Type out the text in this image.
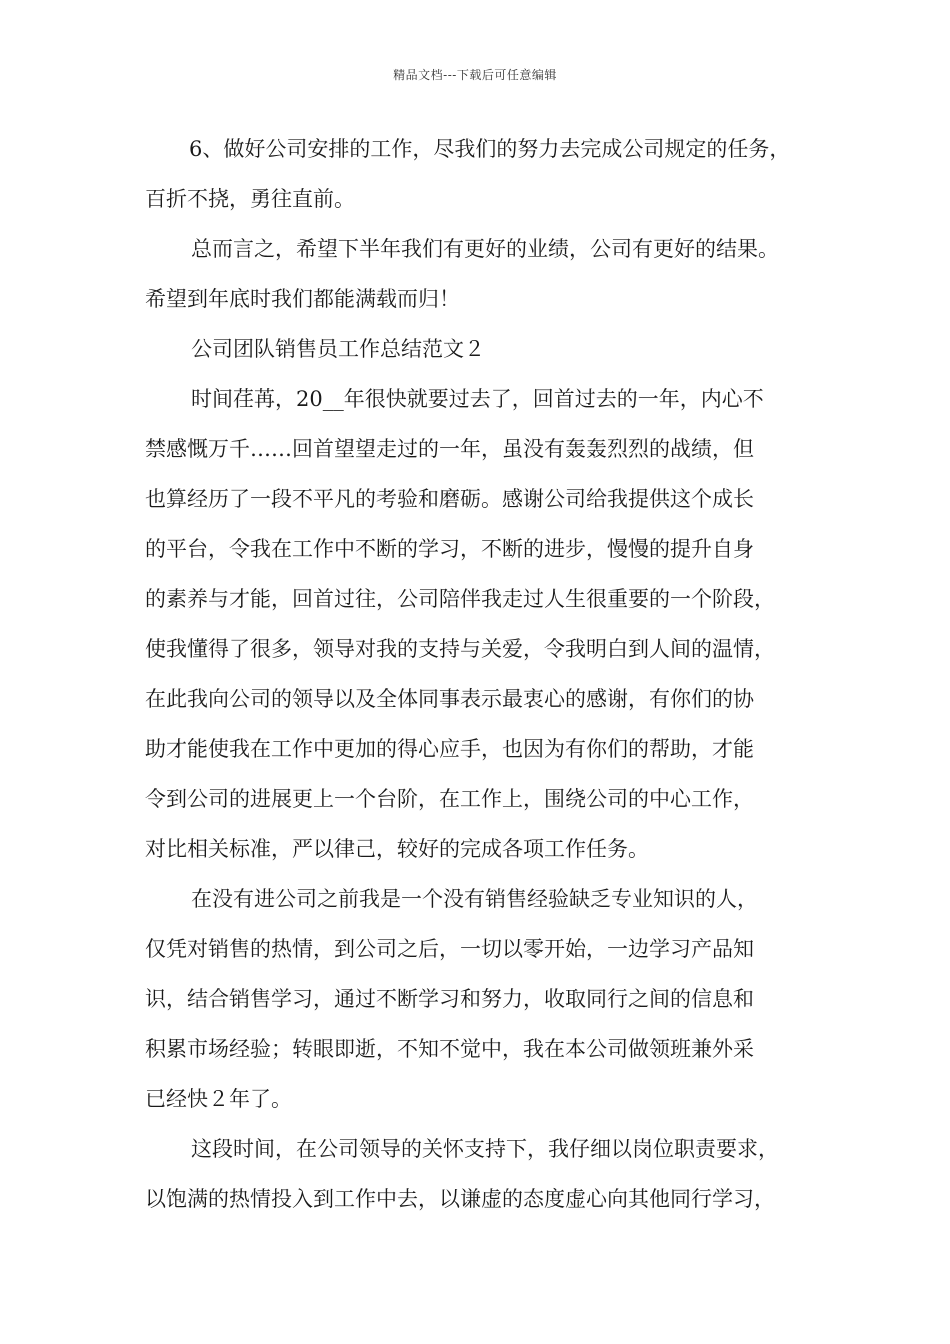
精品文档---下载后可任意编辑
6、做好公司安排的工作，尽我们的努力去完成公司规定的任务，
百折不挠，勇往直前。
总而言之，希望下半年我们有更好的业绩，公司有更好的结果。
希望到年底时我们都能满载而归！
公司团队销售员工作总结范文２
时间荏苒，20__年很快就要过去了，回首过去的一年，内心不
禁感慨万千……回首望望走过的一年，虽没有轰轰烈烈的战绩，但
也算经历了一段不平凡的考验和磨砺。感谢公司给我提供这个成长
的平台，令我在工作中不断的学习，不断的进步，慢慢的提升自身
的素养与才能，回首过往，公司陪伴我走过人生很重要的一个阶段，
使我懂得了很多，领导对我的支持与关爱，令我明白到人间的温情，
在此我向公司的领导以及全体同事表示最衷心的感谢，有你们的协
助才能使我在工作中更加的得心应手，也因为有你们的帮助，才能
令到公司的进展更上一个台阶，在工作上，围绕公司的中心工作，
对比相关标准，严以律己，较好的完成各项工作任务。
在没有进公司之前我是一个没有销售经验缺乏专业知识的人，
仅凭对销售的热情，到公司之后，一切以零开始，一边学习产品知
识，结合销售学习，通过不断学习和努力，收取同行之间的信息和
积累市场经验；转眼即逝，不知不觉中，我在本公司做领班兼外采
已经快２年了。
这段时间，在公司领导的关怀支持下，我仔细以岗位职责要求，
以饱满的热情投入到工作中去，以谦虚的态度虚心向其他同行学习，
